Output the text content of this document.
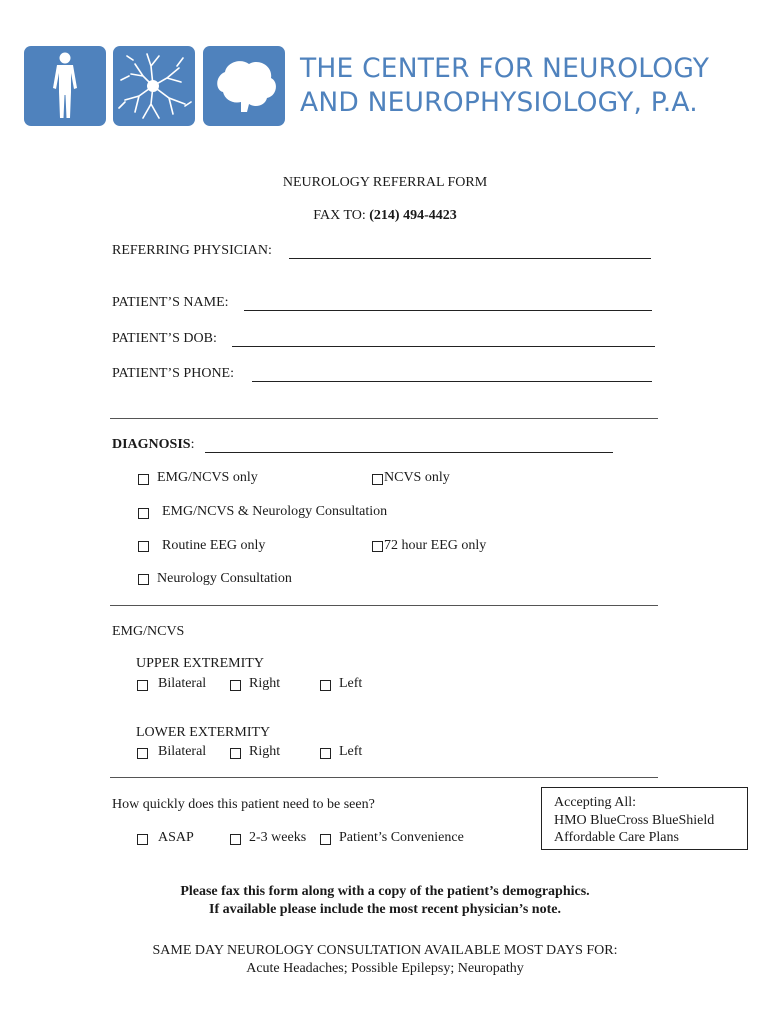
THE CENTER FOR NEUROLOGY
AND NEUROPHYSIOLOGY, P.A.
NEUROLOGY REFERRAL FORM
FAX TO: (214) 494-4423
REFERRING PHYSICIAN:
PATIENT’S NAME:
PATIENT’S DOB:
PATIENT’S PHONE:
DIAGNOSIS:
EMG/NCVS only	NCVS only
EMG/NCVS & Neurology Consultation
Routine EEG only	72 hour EEG only
Neurology Consultation
EMG/NCVS
UPPER EXTREMITY
Bilateral	Right	Left
LOWER EXTERMITY
Bilateral	Right	Left
How quickly does this patient need to be seen?
ASAP	2-3 weeks Patient’s Convenience
Accepting All:
HMO BlueCross BlueShield
Affordable Care Plans
Please fax this form along with a copy of the patient’s demographics.
If available please include the most recent physician’s note.
SAME DAY NEUROLOGY CONSULTATION AVAILABLE MOST DAYS FOR:
Acute Headaches; Possible Epilepsy; Neuropathy
